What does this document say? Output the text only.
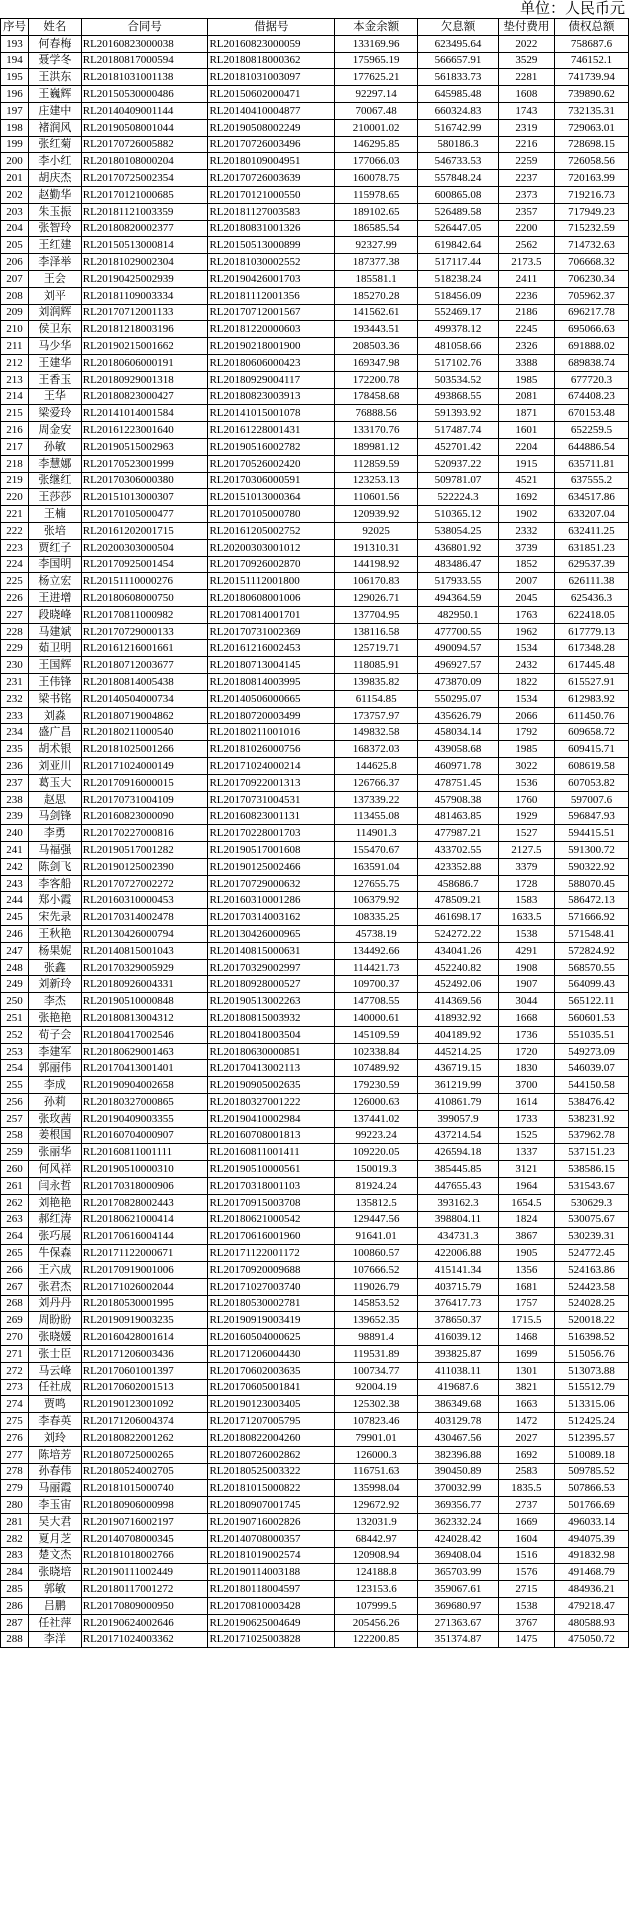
单位：人民币元
序号	姓名	合同号	借据号	本金余额	欠息额	垫付费用	债权总额
193	何春梅	RL20160823000038	RL20160823000059	133169.96	623495.64	2022	758687.6
194	聂学冬	RL20180817000594	RL20180818000362	175965.19	566657.91	3529	746152.1
195	王洪东	RL20181031001138	RL20181031003097	177625.21	561833.73	2281	741739.94
196	王巍辉	RL20150530000486	RL20150602000471	92297.14	645985.48	1608	739890.62
197	庄建中	RL20140409001144	RL20140410004877	70067.48	660324.83	1743	732135.31
198	褚润风	RL20190508001044	RL20190508002249	210001.02	516742.99	2319	729063.01
199	张红菊	RL20170726005882	RL20170726003496	146295.85	580186.3	2216	728698.15
200	李小红	RL20180108000204	RL20180109004951	177066.03	546733.53	2259	726058.56
201	胡庆杰	RL20170725002354	RL20170726003639	160078.75	557848.24	2237	720163.99
202	赵勤华	RL20170121000685	RL20170121000550	115978.65	600865.08	2373	719216.73
203	朱玉振	RL20181121003359	RL20181127003583	189102.65	526489.58	2357	717949.23
204	张智玲	RL20180820002377	RL20180831001326	186585.54	526447.05	2200	715232.59
205	王红建	RL20150513000814	RL20150513000899	92327.99	619842.64	2562	714732.63
206	李泽举	RL20181029002304	RL20181030002552	187377.38	517117.44	2173.5	706668.32
207	王会	RL20190425002939	RL20190426001703	185581.1	518238.24	2411	706230.34
208	刘平	RL20181109003334	RL20181112001356	185270.28	518456.09	2236	705962.37
209	刘润辉	RL20170712001133	RL20170712001567	141562.61	552469.17	2186	696217.78
210	侯卫东	RL20181218003196	RL20181220000603	193443.51	499378.12	2245	695066.63
211	马少华	RL20190215001662	RL20190218001900	208503.36	481058.66	2326	691888.02
212	王建华	RL20180606000191	RL20180606000423	169347.98	517102.76	3388	689838.74
213	王香玉	RL20180929001318	RL20180929004117	172200.78	503534.52	1985	677720.3
214	王华	RL20180823000427	RL20180823003913	178458.68	493868.55	2081	674408.23
215	梁爱玲	RL20141014001584	RL20141015001078	76888.56	591393.92	1871	670153.48
216	周金安	RL20161223001640	RL20161228001431	133170.76	517487.74	1601	652259.5
217	孙敏	RL20190515002963	RL20190516002782	189981.12	452701.42	2204	644886.54
218	李慧娜	RL20170523001999	RL20170526002420	112859.59	520937.22	1915	635711.81
219	张继红	RL20170306000380	RL20170306000591	123253.13	509781.07	4521	637555.2
220	王莎莎	RL20151013000307	RL20151013000364	110601.56	522224.3	1692	634517.86
221	王楠	RL20170105000477	RL20170105000780	120939.92	510365.12	1902	633207.04
222	张培	RL20161202001715	RL20161205002752	92025	538054.25	2332	632411.25
223	贾红子	RL20200303000504	RL20200303001012	191310.31	436801.92	3739	631851.23
224	李国明	RL20170925001454	RL20170926002870	144198.92	483486.47	1852	629537.39
225	杨立宏	RL20151110000276	RL20151112001800	106170.83	517933.55	2007	626111.38
226	王进增	RL20180608000750	RL20180608001006	129026.71	494364.59	2045	625436.3
227	段晓峰	RL20170811000982	RL20170814001701	137704.95	482950.1	1763	622418.05
228	马建斌	RL20170729000133	RL20170731002369	138116.58	477700.55	1962	617779.13
229	茹卫明	RL20161216001661	RL20161216002453	125719.71	490094.57	1534	617348.28
230	王国辉	RL20180712003677	RL20180713004145	118085.91	496927.57	2432	617445.48
231	王伟锋	RL20180814005438	RL20180814003995	139835.82	473870.09	1822	615527.91
232	梁书铭	RL20140504000734	RL20140506000665	61154.85	550295.07	1534	612983.92
233	刘淼	RL20180719004862	RL20180720003499	173757.97	435626.79	2066	611450.76
234	盛广昌	RL20180211000540	RL20180211001016	149832.58	458034.14	1792	609658.72
235	胡术银	RL20181025001266	RL20181026000756	168372.03	439058.68	1985	609415.71
236	刘亚川	RL20171024000149	RL20171024000214	144625.8	460971.78	3022	608619.58
237	葛玉大	RL20170916000015	RL20170922001313	126766.37	478751.45	1536	607053.82
238	赵思	RL20170731004109	RL20170731004531	137339.22	457908.38	1760	597007.6
239	马剑锋	RL20160823000090	RL20160823001131	113455.08	481463.85	1929	596847.93
240	李勇	RL20170227000816	RL20170228001703	114901.3	477987.21	1527	594415.51
241	马福强	RL20190517001282	RL20190517001608	155470.67	433702.55	2127.5	591300.72
242	陈剑飞	RL20190125002390	RL20190125002466	163591.04	423352.88	3379	590322.92
243	李客船	RL20170727002272	RL20170729000632	127655.75	458686.7	1728	588070.45
244	郑小霞	RL20160310000453	RL20160310001286	106379.92	478509.21	1583	586472.13
245	宋先录	RL20170314002478	RL20170314003162	108335.25	461698.17	1633.5	571666.92
246	王秋艳	RL20130426000794	RL20130426000965	45738.19	524272.22	1538	571548.41
247	杨果妮	RL20140815001043	RL20140815000631	134492.66	434041.26	4291	572824.92
248	张鑫	RL20170329005929	RL20170329002997	114421.73	452240.82	1908	568570.55
249	刘新玲	RL20180926004331	RL20180928000527	109700.37	452492.06	1907	564099.43
250	李杰	RL20190510000848	RL20190513002263	147708.55	414369.56	3044	565122.11
251	张艳艳	RL20180813004312	RL20180815003932	140000.61	418932.92	1668	560601.53
252	荀子会	RL20180417002546	RL20180418003504	145109.59	404189.92	1736	551035.51
253	李建军	RL20180629001463	RL20180630000851	102338.84	445214.25	1720	549273.09
254	郭丽伟	RL20170413001401	RL20170413002113	107489.92	436719.15	1830	546039.07
255	李成	RL20190904002658	RL20190905002635	179230.59	361219.99	3700	544150.58
256	孙莉	RL20180327000865	RL20180327001222	126000.63	410861.79	1614	538476.42
257	张玫茜	RL20190409003355	RL20190410002984	137441.02	399057.9	1733	538231.92
258	姜根国	RL20160704000907	RL20160708001813	99223.24	437214.54	1525	537962.78
259	张丽华	RL20160811001111	RL20160811001411	109220.05	426594.18	1337	537151.23
260	何风祥	RL20190510000310	RL20190510000561	150019.3	385445.85	3121	538586.15
261	闫永哲	RL20170318000906	RL20170318001103	81924.24	447655.43	1964	531543.67
262	刘艳艳	RL20170828002443	RL20170915003708	135812.5	393162.3	1654.5	530629.3
263	郝红涛	RL20180621000414	RL20180621000542	129447.56	398804.11	1824	530075.67
264	张巧展	RL20170616004144	RL20170616001960	91641.01	434731.3	3867	530239.31
265	牛保森	RL20171122000671	RL20171122001172	100860.57	422006.88	1905	524772.45
266	王六成	RL20170919001006	RL20170920009688	107666.52	415141.34	1356	524163.86
267	张君杰	RL20171026002044	RL20171027003740	119026.79	403715.79	1681	524423.58
268	刘丹丹	RL20180530001995	RL20180530002781	145853.52	376417.73	1757	524028.25
269	周盼盼	RL20190919003235	RL20190919003419	139652.35	378650.37	1715.5	520018.22
270	张晓媛	RL20160428001614	RL20160504000625	98891.4	416039.12	1468	516398.52
271	张士臣	RL20171206003436	RL20171206004430	119531.89	393825.87	1699	515056.76
272	马云峰	RL20170601001397	RL20170602003635	100734.77	411038.11	1301	513073.88
273	任社成	RL20170602001513	RL20170605001841	92004.19	419687.6	3821	515512.79
274	贾鸣	RL20190123001092	RL20190123003405	125302.38	386349.68	1663	513315.06
275	李春英	RL20171206004374	RL20171207005795	107823.46	403129.78	1472	512425.24
276	刘玲	RL20180822001262	RL20180822004260	79901.01	430467.56	2027	512395.57
277	陈培芳	RL20180725000265	RL20180726002862	126000.3	382396.88	1692	510089.18
278	孙春伟	RL20180524002705	RL20180525003322	116751.63	390450.89	2583	509785.52
279	马丽霞	RL20181015000740	RL20181015000822	135998.04	370032.99	1835.5	507866.53
280	李玉宙	RL20180906000998	RL20180907001745	129672.92	369356.77	2737	501766.69
281	吴大君	RL20190716002197	RL20190716002826	132031.9	362332.24	1669	496033.14
282	夏月芝	RL20140708000345	RL20140708000357	68442.97	424028.42	1604	494075.39
283	楚文杰	RL20181018002766	RL20181019002574	120908.94	369408.04	1516	491832.98
284	张晓培	RL20190111002449	RL20190114003188	124188.8	365703.99	1576	491468.79
285	郭敏	RL20180117001272	RL20180118004597	123153.6	359067.61	2715	484936.21
286	吕鹏	RL20170809000950	RL20170810003428	107999.5	369680.97	1538	479218.47
287	任社萍	RL20190624002646	RL20190625004649	205456.26	271363.67	3767	480588.93
288	李洋	RL20171024003362	RL20171025003828	122200.85	351374.87	1475	475050.72
